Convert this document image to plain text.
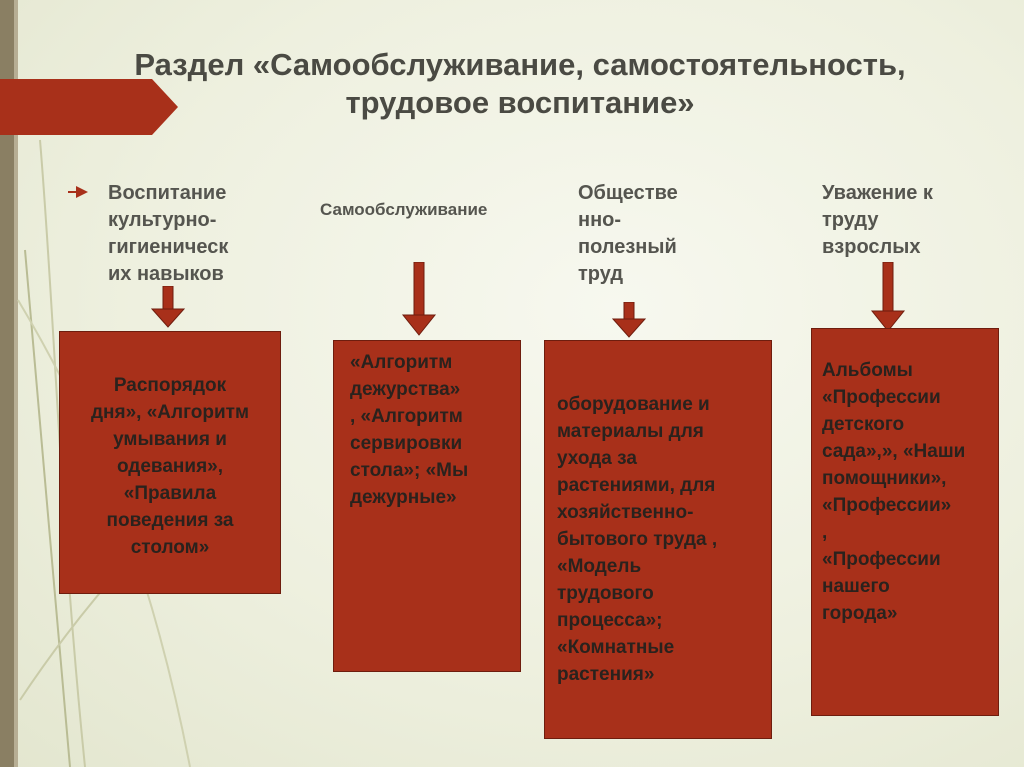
Раздел «Самообслуживание, самостоятельность,
трудовое воспитание»
Воспитание
культурно-
гигиеническ
их навыков
Самообслуживание
Обществе
нно-
полезный
труд
Уважение к
труду
взрослых
Распорядок
дня», «Алгоритм
умывания и
одевания»,
«Правила
поведения за
столом»
«Алгоритм
дежурства»
, «Алгоритм
сервировки
стола»; «Мы
дежурные»
оборудование и
материалы для
ухода за
растениями, для
хозяйственно-
бытового труда ,
«Модель
трудового
процесса»;
«Комнатные
растения»
Альбомы
«Профессии
детского
сада»,», «Наши
помощники»,
«Профессии»
,
«Профессии
нашего
города»
